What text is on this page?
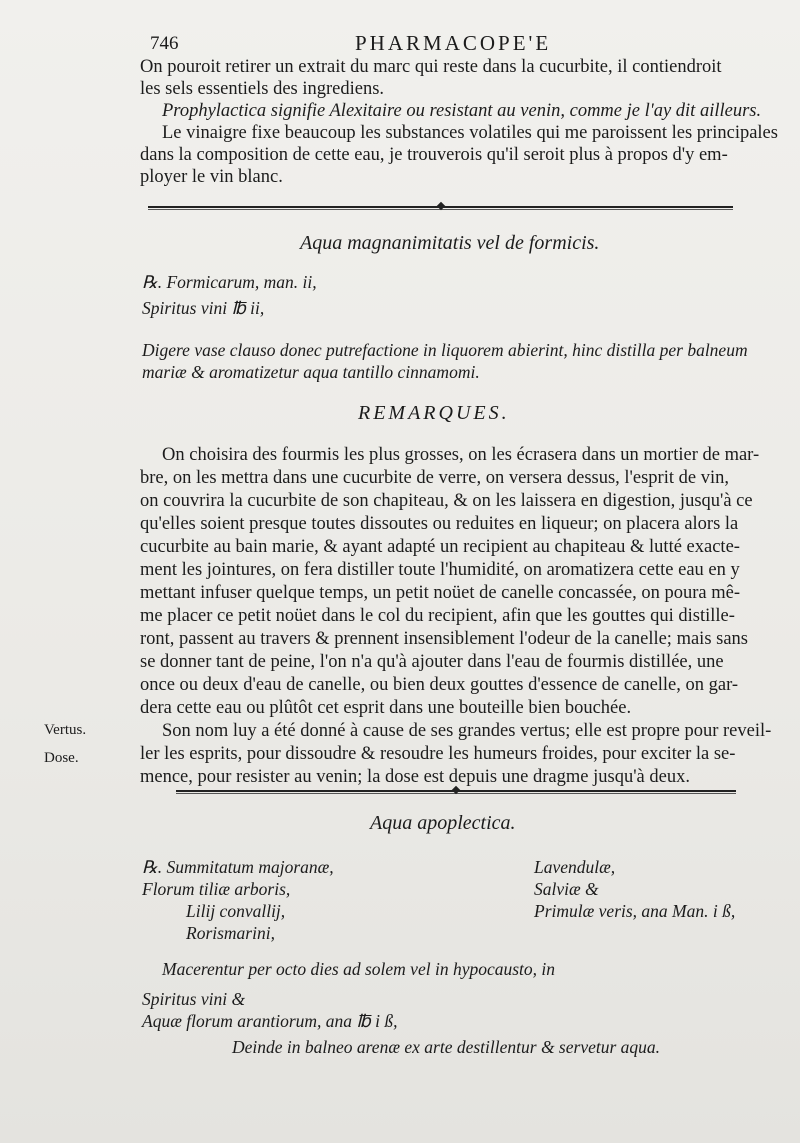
746	PHARMACOPE'E
On pouroit retirer un extrait du marc qui reste dans la cucurbite, il contiendroit
les sels essentiels des ingrediens.
Prophylactica signifie Alexitaire ou resistant au venin, comme je l'ay dit ailleurs.
Le vinaigre fixe beaucoup les substances volatiles qui me paroissent les principales
dans la composition de cette eau, je trouverois qu'il seroit plus à propos d'y em-
ployer le vin blanc.
Aqua magnanimitatis vel de formicis.
℞. Formicarum, man. ii,
Spiritus vini ℔ ii,
Digere vase clauso donec putrefactione in liquorem abierint, hinc distilla per balneum
mariæ & aromatizetur aqua tantillo cinnamomi.
REMARQUES.
On choisira des fourmis les plus grosses, on les écrasera dans un mortier de mar-
bre, on les mettra dans une cucurbite de verre, on versera dessus, l'esprit de vin,
on couvrira la cucurbite de son chapiteau, & on les laissera en digestion, jusqu'à ce
qu'elles soient presque toutes dissoutes ou reduites en liqueur; on placera alors la
cucurbite au bain marie, & ayant adapté un recipient au chapiteau & lutté exacte-
ment les jointures, on fera distiller toute l'humidité, on aromatizera cette eau en y
mettant infuser quelque temps, un petit noüet de canelle concassée, on poura mê-
me placer ce petit noüet dans le col du recipient, afin que les gouttes qui distille-
ront, passent au travers & prennent insensiblement l'odeur de la canelle; mais sans
se donner tant de peine, l'on n'a qu'à ajouter dans l'eau de fourmis distillée, une
once ou deux d'eau de canelle, ou bien deux gouttes d'essence de canelle, on gar-
dera cette eau ou plûtôt cet esprit dans une bouteille bien bouchée.
Son nom luy a été donné à cause de ses grandes vertus; elle est propre pour reveil-
ler les esprits, pour dissoudre & resoudre les humeurs froides, pour exciter la se-
mence, pour resister au venin; la dose est depuis une dragme jusqu'à deux.
Vertus.
Dose.
Aqua apoplectica.
℞. Summitatum majoranæ,
Florum tiliæ arboris,
Lilij convallij,
Rorismarini,
Lavendulæ,
Salviæ &
Primulæ veris, ana Man. i ß,
Macerentur per octo dies ad solem vel in hypocausto, in
Spiritus vini &
Aquæ florum arantiorum, ana ℔ i ß,
Deinde in balneo arenæ ex arte destillentur & servetur aqua.
